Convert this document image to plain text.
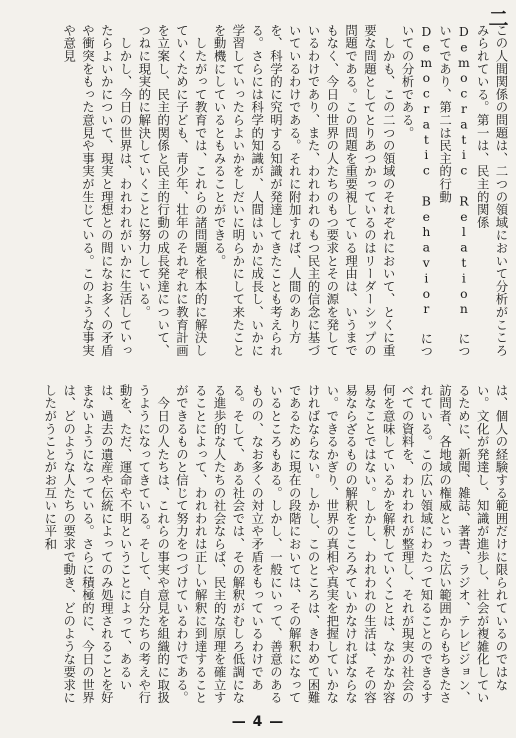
二
この人間関係の問題は、二つの領域において分析がこころみられている。第一は、民主的関係 Democratic Relation についてであり、第二は民主的行動 Democratic Behavior についての分析である。
　しかも、この二つの領域のそれぞれにおいて、とくに重要な問題としてとりあつかっているのはリーダーシップの問題である。この問題を重要視している理由は、いうまでもなく、今日の世界の人たちのもつ要求とその源を発しているわけであり、また、われわれのもつ民主的信念に基づいているわけである。それに附加すれば、人間のあり方を、科学的に究明する知識が発達してきたことも考えられる。さらには科学的知識が、人間はいかに成長し、いかに学習していったらよいかをしだいに明らかにして来たことを動機にしているともみることができる。
　したがって教育では、これらの諸問題を根本的に解決していくために子ども、青少年、壮年のそれぞれに教育計画を立案し、民主的関係と民主的行動の成長発達について、つねに現実的に解決していくことに努力している。
　しかし、今日の世界は、われわれがいかに生活していったらよいかについて、現実と理想との間になお多くの矛盾や衝突をもった意見や事実が生じている。このような事実や意見
は、個人の経験する範囲だけに限られているのではない。文化が発達し、知識が進歩し、社会が複雑化しているために、新聞、雑誌、著書、ラジオ、テレビジョン、訪問者、各地域の権威といった広い範囲からもちきたされている。この広い領域にわたって知ることのできるすべての資料を、われわれが整理し、それが現実の社会の何を意味しているかを解釈していくことは、なかなか容易なことではない。しかし、われわれの生活は、その容易ならざるものの解釈をこころみていかなければならない。できるかぎり、世界の真相や真実を把握していかなければならない。しかし、このところは、きわめて困難であるために現在の段階においては、その解釈になっているところもある。しかし、一般にいって、善意のあるものの、なお多くの対立や矛盾をもっているわけである。そして、ある社会では、その解釈がむしろ低調になる進歩的な人たちの社会ならば、民主的な原理を確立することによって、われわれは正しい解釈に到達することができるものと信じて努力をつづけているわけである。
　今日の人たちは、これらの事実や意見を組織的に取扱うようになってきている。そして、自分たちの考えや行動を、ただ、運命や不明ということによって、あるいは、過去の遺産や伝統によってのみ処理されることを好まないようになっている。さらに積極的に、今日の世界は、どのような人たちの要求で動き、どのような要求にしたがうことがお互いに平和
— 4 —
